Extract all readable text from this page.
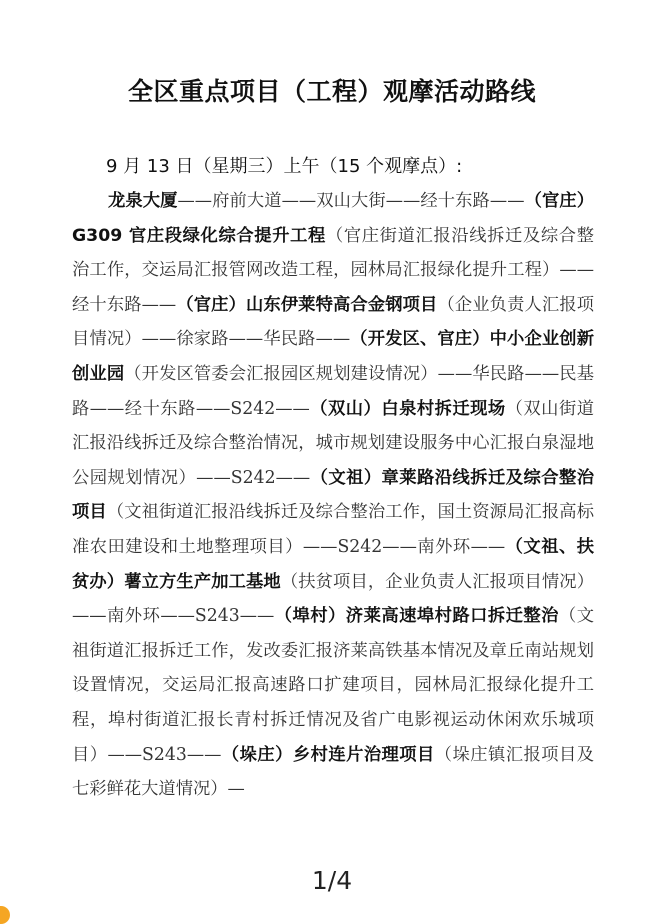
全区重点项目（工程）观摩活动路线
9 月 13 日（星期三）上午（15 个观摩点）:
龙泉大厦——府前大道——双山大街——经十东路——（官庄）G309 官庄段绿化综合提升工程（官庄街道汇报沿线拆迁及综合整治工作，交运局汇报管网改造工程，园林局汇报绿化提升工程）——经十东路——（官庄）山东伊莱特高合金钢项目（企业负责人汇报项目情况）——徐家路——华民路——（开发区、官庄）中小企业创新创业园（开发区管委会汇报园区规划建设情况）——华民路——民基路——经十东路——S242——（双山）白泉村拆迁现场（双山街道汇报沿线拆迁及综合整治情况，城市规划建设服务中心汇报白泉湿地公园规划情况）——S242——（文祖）章莱路沿线拆迁及综合整治项目（文祖街道汇报沿线拆迁及综合整治工作，国土资源局汇报高标准农田建设和土地整理项目）——S242——南外环——（文祖、扶贫办）薯立方生产加工基地（扶贫项目，企业负责人汇报项目情况）——南外环——S243——（埠村）济莱高速埠村路口拆迁整治（文祖街道汇报拆迁工作，发改委汇报济莱高铁基本情况及章丘南站规划设置情况，交运局汇报高速路口扩建项目，园林局汇报绿化提升工程，埠村街道汇报长青村拆迁情况及省广电影视运动休闲欢乐城项目）——S243——（垛庄）乡村连片治理项目（垛庄镇汇报项目及七彩鲜花大道情况）—
1/4
